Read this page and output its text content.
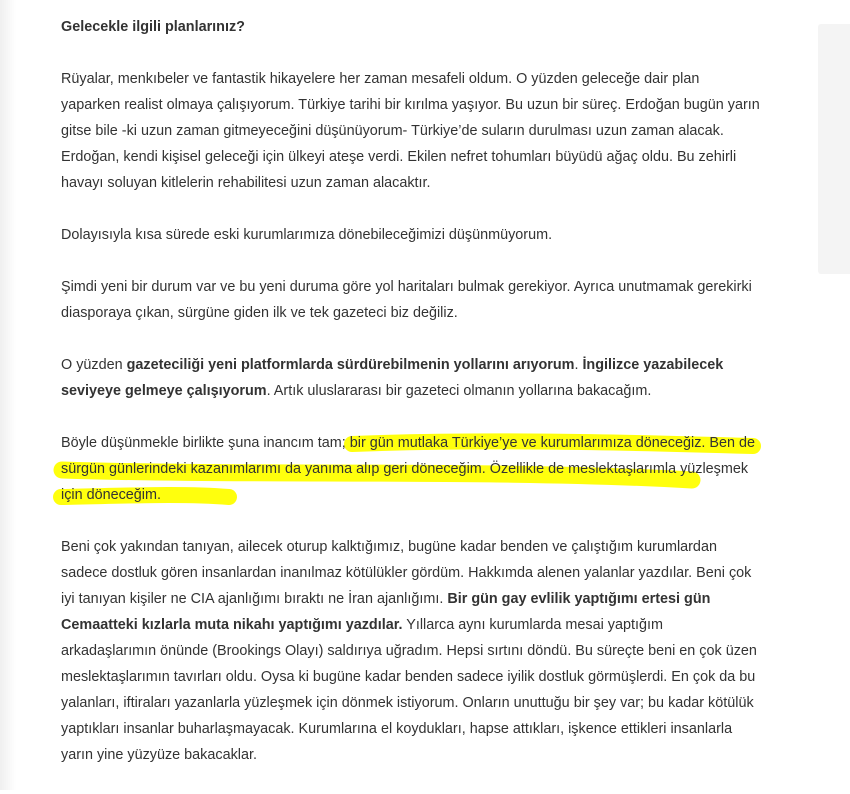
Gelecekle ilgili planlarınız?

Rüyalar, menkıbeler ve fantastik hikayelere her zaman mesafeli oldum. O yüzden geleceğe dair plan yaparken realist olmaya çalışıyorum. Türkiye tarihi bir kırılma yaşıyor. Bu uzun bir süreç. Erdoğan bugün yarın gitse bile -ki uzun zaman gitmeyeceğini düşünüyorum- Türkiye’de suların durulması uzun zaman alacak. Erdoğan, kendi kişisel geleceği için ülkeyi ateşe verdi. Ekilen nefret tohumları büyüdü ağaç oldu. Bu zehirli havayı soluyan kitlelerin rehabilitesi uzun zaman alacaktır.

Dolayısıyla kısa sürede eski kurumlarımıza dönebileceğimizi düşünmüyorum.

Şimdi yeni bir durum var ve bu yeni duruma göre yol haritaları bulmak gerekiyor. Ayrıca unutmamak gerekirki diasporaya çıkan, sürgüne giden ilk ve tek gazeteci biz değiliz.

O yüzden gazeteciliği yeni platformlarda sürdürebilmenin yollarını arıyorum. İngilizce yazabilecek seviyeye gelmeye çalışıyorum. Artık uluslararası bir gazeteci olmanın yollarına bakacağım.

Böyle düşünmekle birlikte şuna inancım tam; bir gün mutlaka Türkiye’ye ve kurumlarımıza döneceğiz. Ben de sürgün günlerindeki kazanımlarımı da yanıma alıp geri döneceğim. Özellikle de meslektaşlarımla yüzleşmek için döneceğim.

Beni çok yakından tanıyan, ailecek oturup kalktığımız, bugüne kadar benden ve çalıştığım kurumlardan sadece dostluk gören insanlardan inanılmaz kötülükler gördüm. Hakkımda alenen yalanlar yazdılar. Beni çok iyi tanıyan kişiler ne CIA ajanlığımı bıraktı ne İran ajanlığımı. Bir gün gay evlilik yaptığımı ertesi gün Cemaatteki kızlarla muta nikahı yaptığımı yazdılar. Yıllarca aynı kurumlarda mesai yaptığım arkadaşlarımın önünde (Brookings Olayı) saldırıya uğradım. Hepsi sırtını döndü. Bu süreçte beni en çok üzen meslektaşlarımın tavırları oldu. Oysa ki bugüne kadar benden sadece iyilik dostluk görmüşlerdi. En çok da bu yalanları, iftiraları yazanlarla yüzleşmek için dönmek istiyorum. Onların unuttuğu bir şey var; bu kadar kötülük yaptıkları insanlar buharlaşmayacak. Kurumlarına el koydukları, hapse attıkları, işkence ettikleri insanlarla yarın yine yüzyüze bakacaklar.
